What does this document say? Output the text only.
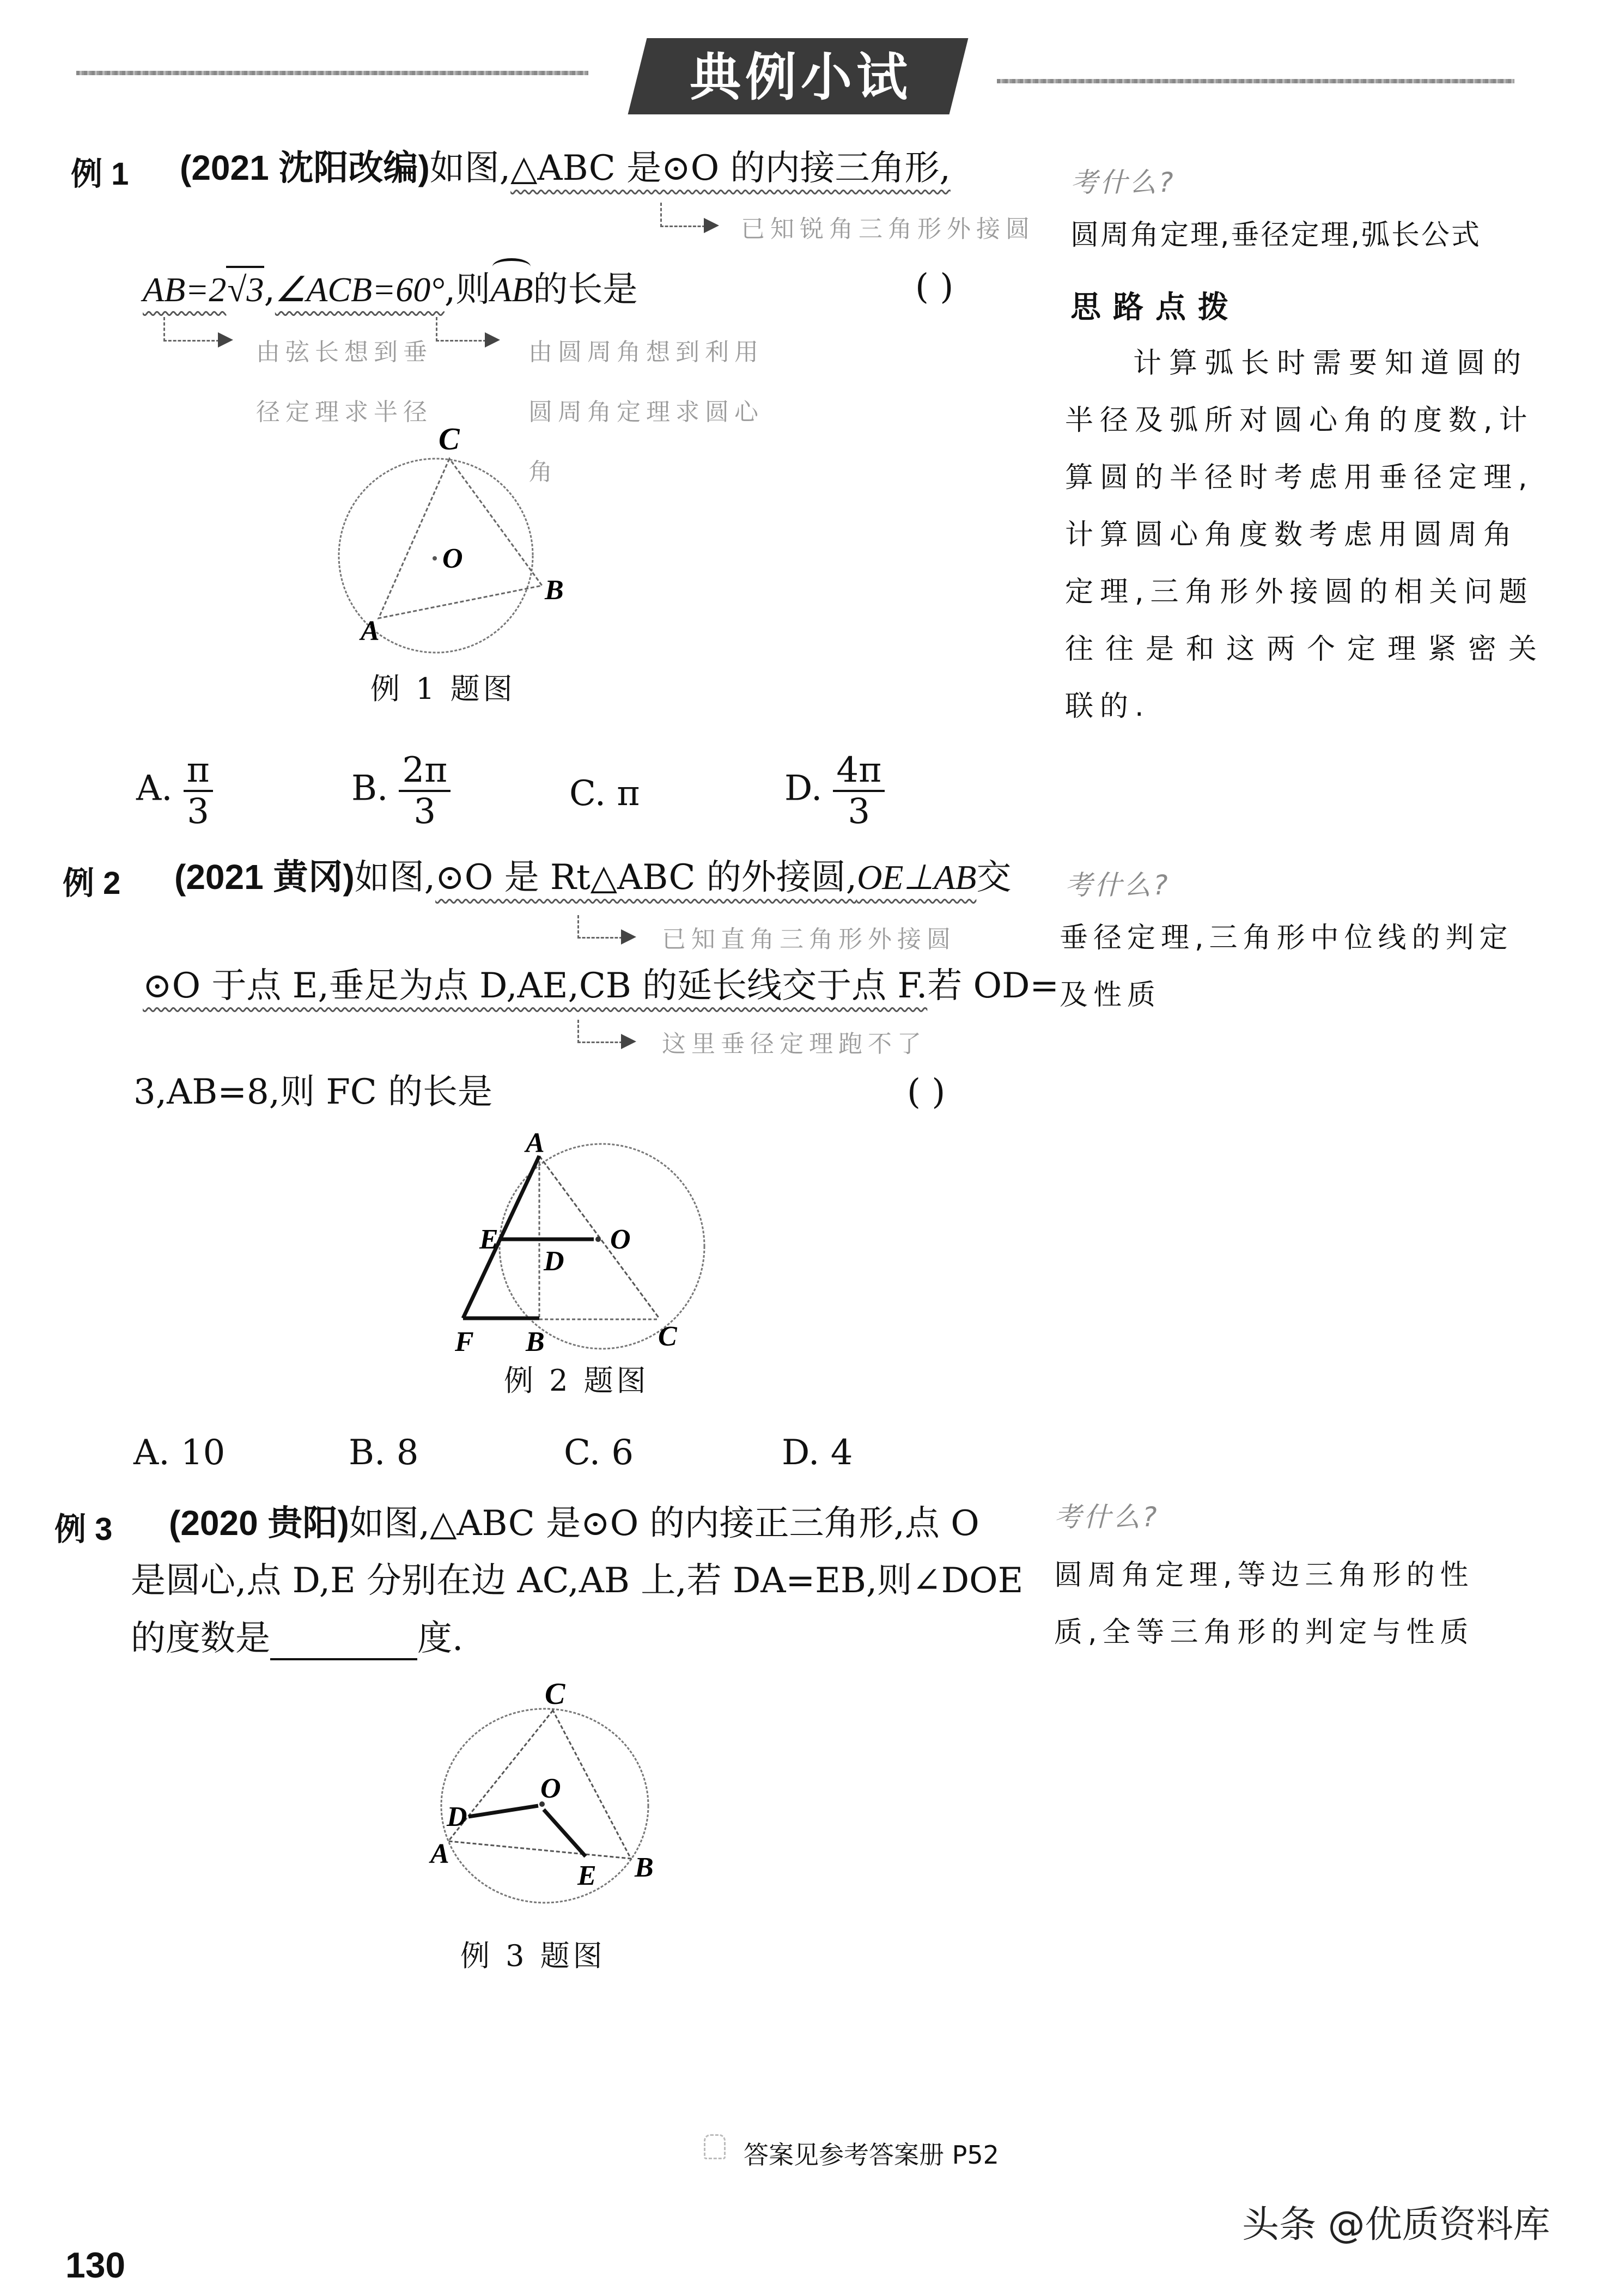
典例小试
例 1 (2021 沈阳改编)如图,△ABC 是⊙O 的内接三角形,
已知锐角三角形外接圆
AB=2√3,∠ACB=60°,则AB的长是	( )
由弦长想到垂径定理求半径
由圆周角想到利用圆周角定理求圆心角
C
O
B
A
例 1 题图
A. $\frac{\pi}{3}$	B. $\frac{2\pi}{3}$	C. π	D. $\frac{4\pi}{3}$
考什么?
圆周角定理,垂径定理,弧长公式
思路点拨
计算弧长时需要知道圆的
半径及弧所对圆心角的度数,计
算圆的半径时考虑用垂径定理,
计算圆心角度数考虑用圆周角
定理,三角形外接圆的相关问题
往往是和这两个定理紧密关
联的.
例 2 (2021 黄冈)如图,⊙O 是 Rt△ABC 的外接圆,OE⊥AB交
已知直角三角形外接圆
⊙O 于点 E,垂足为点 D,AE,CB 的延长线交于点 F.若 OD=
这里垂径定理跑不了
3,AB=8,则 FC 的长是	( )
A
E	O
D
F B	C
例 2 题图
A. 10	B. 8	C. 6	D. 4
考什么?
垂径定理,三角形中位线的判定
及性质
例 3 (2020 贵阳)如图,△ABC 是⊙O 的内接正三角形,点 O
是圆心,点 D,E 分别在边 AC,AB 上,若 DA=EB,则∠DOE
的度数是	度.
C
O
D
A
E B
例 3 题图
考什么?
圆周角定理,等边三角形的性
质,全等三角形的判定与性质
答案见参考答案册 P52
头条 @优质资料库
130
